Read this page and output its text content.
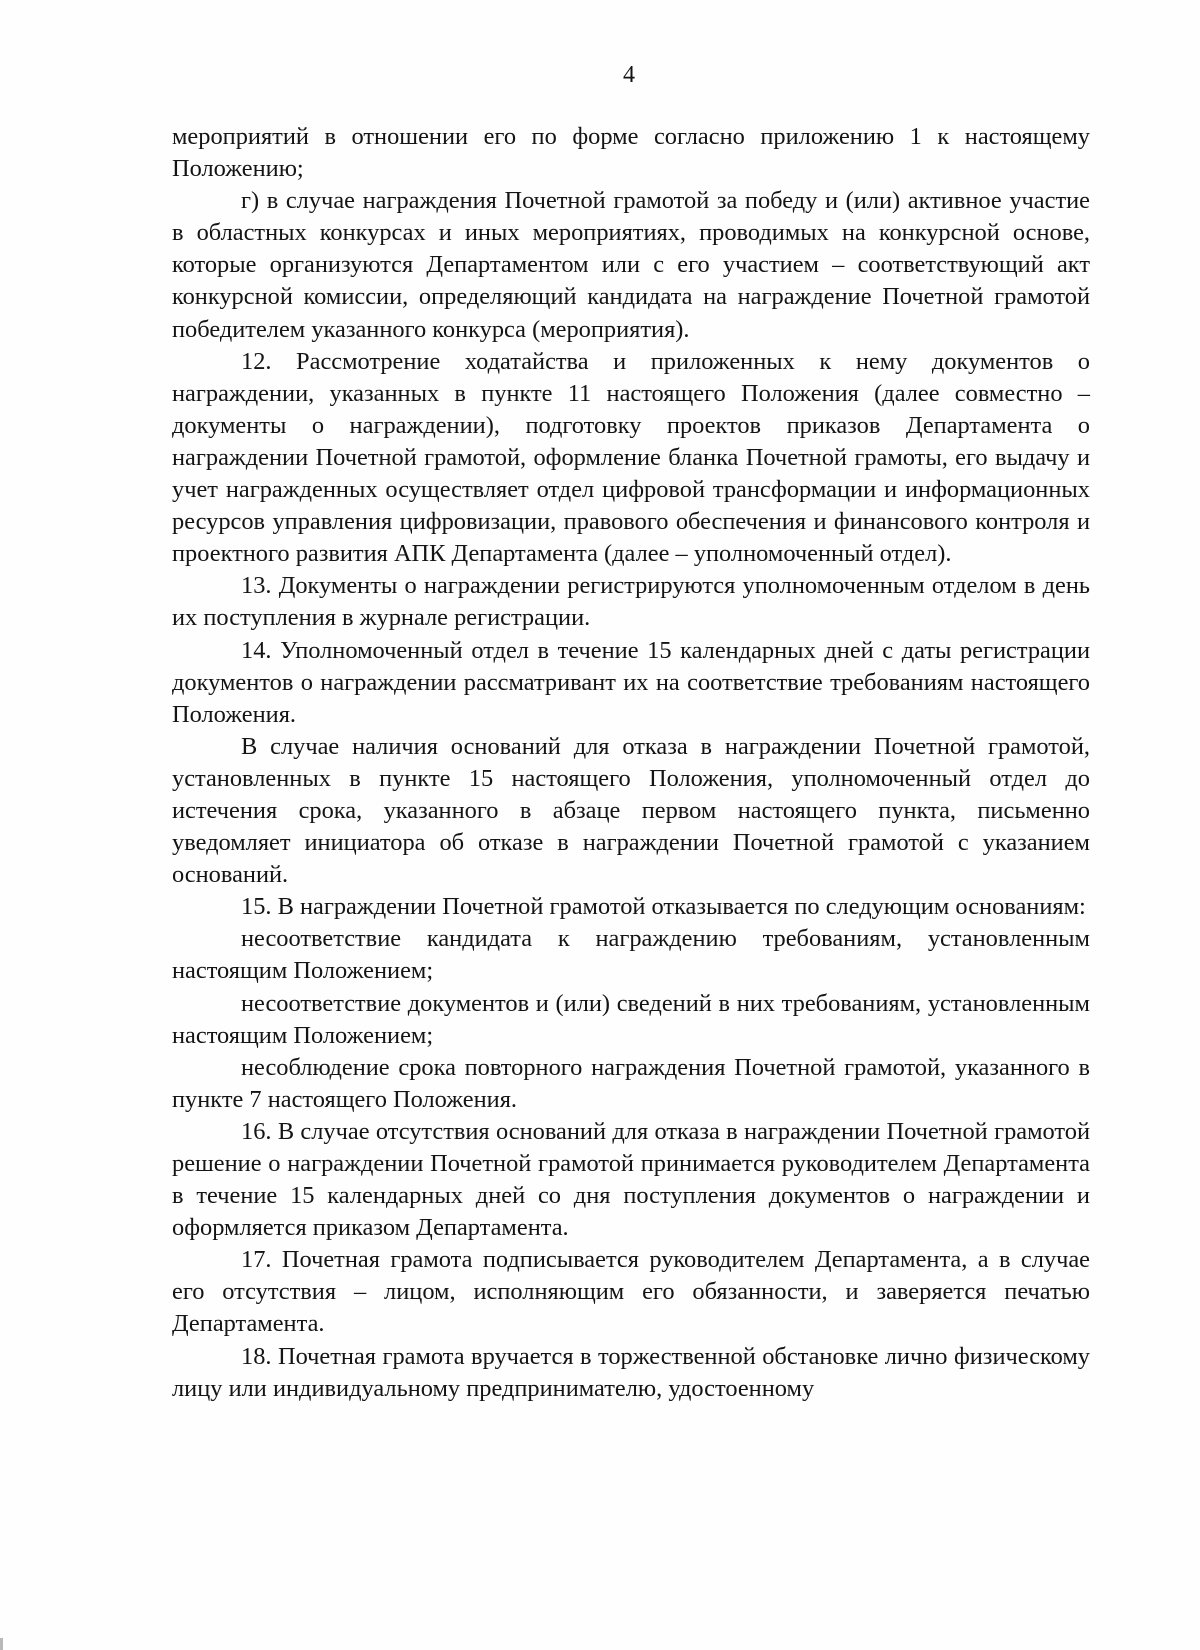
4

мероприятий в отношении его по форме согласно приложению 1 к настоящему Положению;

г) в случае награждения Почетной грамотой за победу и (или) активное участие в областных конкурсах и иных мероприятиях, проводимых на конкурсной основе, которые организуются Департаментом или с его участием – соответствующий акт конкурсной комиссии, определяющий кандидата на награждение Почетной грамотой победителем указанного конкурса (мероприятия).

12. Рассмотрение ходатайства и приложенных к нему документов о награждении, указанных в пункте 11 настоящего Положения (далее совместно – документы о награждении), подготовку проектов приказов Департамента о награждении Почетной грамотой, оформление бланка Почетной грамоты, его выдачу и учет награжденных осуществляет отдел цифровой трансформации и информационных ресурсов управления цифровизации, правового обеспечения и финансового контроля и проектного развития АПК Департамента (далее – уполномоченный отдел).

13. Документы о награждении регистрируются уполномоченным отделом в день их поступления в журнале регистрации.

14. Уполномоченный отдел в течение 15 календарных дней с даты регистрации документов о награждении рассматривант их на соответствие требованиям настоящего Положения.

В случае наличия оснований для отказа в награждении Почетной грамотой, установленных в пункте 15 настоящего Положения, уполномоченный отдел до истечения срока, указанного в абзаце первом настоящего пункта, письменно уведомляет инициатора об отказе в награждении Почетной грамотой с указанием оснований.

15. В награждении Почетной грамотой отказывается по следующим основаниям:

несоответствие кандидата к награждению требованиям, установленным настоящим Положением;

несоответствие документов и (или) сведений в них требованиям, установленным настоящим Положением;

несоблюдение срока повторного награждения Почетной грамотой, указанного в пункте 7 настоящего Положения.

16. В случае отсутствия оснований для отказа в награждении Почетной грамотой решение о награждении Почетной грамотой принимается руководителем Департамента в течение 15 календарных дней со дня поступления документов о награждении и оформляется приказом Департамента.

17. Почетная грамота подписывается руководителем Департамента, а в случае его отсутствия – лицом, исполняющим его обязанности, и заверяется печатью Департамента.

18. Почетная грамота вручается в торжественной обстановке лично физическому лицу или индивидуальному предпринимателю, удостоенному
